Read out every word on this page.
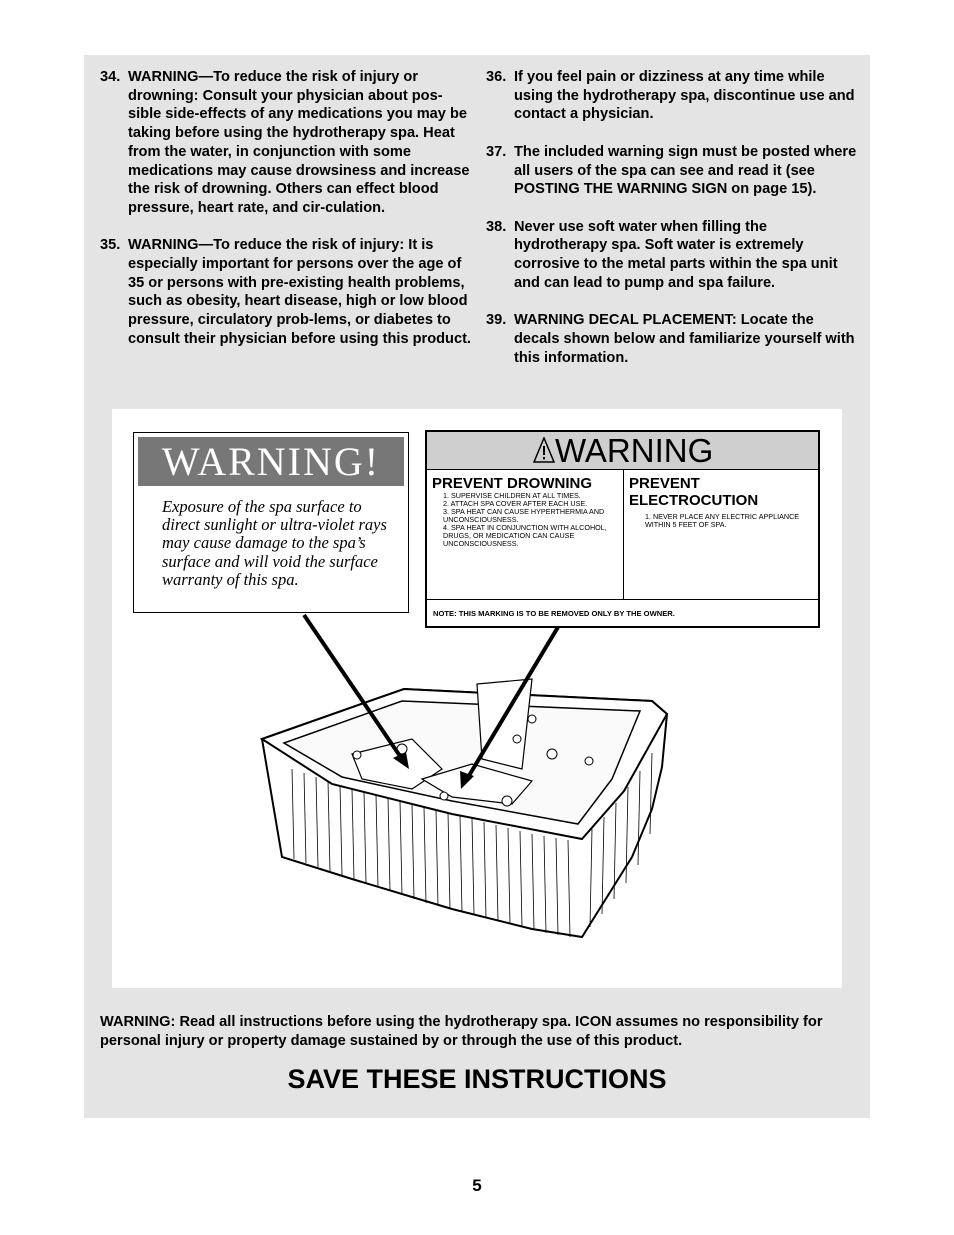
34. WARNING—To reduce the risk of injury or drowning: Consult your physician about pos-sible side-effects of any medications you may be taking before using the hydrotherapy spa. Heat from the water, in conjunction with some medications may cause drowsiness and increase the risk of drowning. Others can effect blood pressure, heart rate, and cir-culation.
35. WARNING—To reduce the risk of injury: It is especially important for persons over the age of 35 or persons with pre-existing health problems, such as obesity, heart disease, high or low blood pressure, circulatory prob-lems, or diabetes to consult their physician before using this product.
36. If you feel pain or dizziness at any time while using the hydrotherapy spa, discontinue use and contact a physician.
37. The included warning sign must be posted where all users of the spa can see and read it (see POSTING THE WARNING SIGN on page 15).
38. Never use soft water when filling the hydrotherapy spa. Soft water is extremely corrosive to the metal parts within the spa unit and can lead to pump and spa failure.
39. WARNING DECAL PLACEMENT: Locate the decals shown below and familiarize yourself with this information.
WARNING!
Exposure of the spa surface to direct sunlight or ultra-violet rays may cause damage to the spa’s surface and will void the surface warranty of this spa.
WARNING
PREVENT DROWNING
1. SUPERVISE CHILDREN AT ALL TIMES.
2. ATTACH SPA COVER AFTER EACH USE.
3. SPA HEAT CAN CAUSE HYPERTHERMIA AND UNCONSCIOUSNESS.
4. SPA HEAT IN CONJUNCTION WITH ALCOHOL, DRUGS, OR MEDICATION CAN CAUSE UNCONSCIOUSNESS.
PREVENT ELECTROCUTION
1. NEVER PLACE ANY ELECTRIC APPLIANCE WITHIN 5 FEET OF SPA.
NOTE: THIS MARKING IS TO BE REMOVED ONLY BY THE OWNER.
WARNING: Read all instructions before using the hydrotherapy spa. ICON assumes no responsibility for personal injury or property damage sustained by or through the use of this product.
SAVE THESE INSTRUCTIONS
5
